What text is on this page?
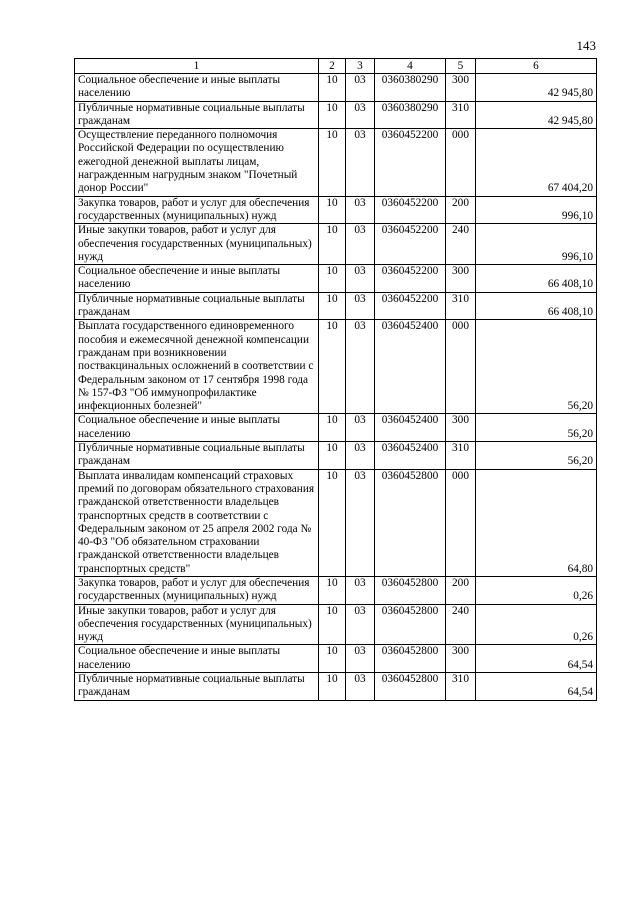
143
1	2	3	4	5	6
Социальное обеспечение и иные выплаты населению	10	03	0360380290	300	42 945,80
Публичные нормативные социальные выплаты гражданам	10	03	0360380290	310	42 945,80
Осуществление переданного полномочия Российской Федерации по осуществлению ежегодной денежной выплаты лицам, награжденным нагрудным знаком "Почетный донор России"	10	03	0360452200	000	67 404,20
Закупка товаров, работ и услуг для обеспечения государственных (муниципальных) нужд	10	03	0360452200	200	996,10
Иные закупки товаров, работ и услуг для обеспечения государственных (муниципальных) нужд	10	03	0360452200	240	996,10
Социальное обеспечение и иные выплаты населению	10	03	0360452200	300	66 408,10
Публичные нормативные социальные выплаты гражданам	10	03	0360452200	310	66 408,10
Выплата государственного единовременного пособия и ежемесячной денежной компенсации гражданам при возникновении поствакцинальных осложнений в соответствии с Федеральным законом от 17 сентября 1998 года № 157-ФЗ "Об иммунопрофилактике инфекционных болезней"	10	03	0360452400	000	56,20
Социальное обеспечение и иные выплаты населению	10	03	0360452400	300	56,20
Публичные нормативные социальные выплаты гражданам	10	03	0360452400	310	56,20
Выплата инвалидам компенсаций страховых премий по договорам обязательного страхования гражданской ответственности владельцев транспортных средств в соответствии с Федеральным законом от 25 апреля 2002 года № 40-ФЗ "Об обязательном страховании гражданской ответственности владельцев транспортных средств"	10	03	0360452800	000	64,80
Закупка товаров, работ и услуг для обеспечения государственных (муниципальных) нужд	10	03	0360452800	200	0,26
Иные закупки товаров, работ и услуг для обеспечения государственных (муниципальных) нужд	10	03	0360452800	240	0,26
Социальное обеспечение и иные выплаты населению	10	03	0360452800	300	64,54
Публичные нормативные социальные выплаты гражданам	10	03	0360452800	310	64,54
